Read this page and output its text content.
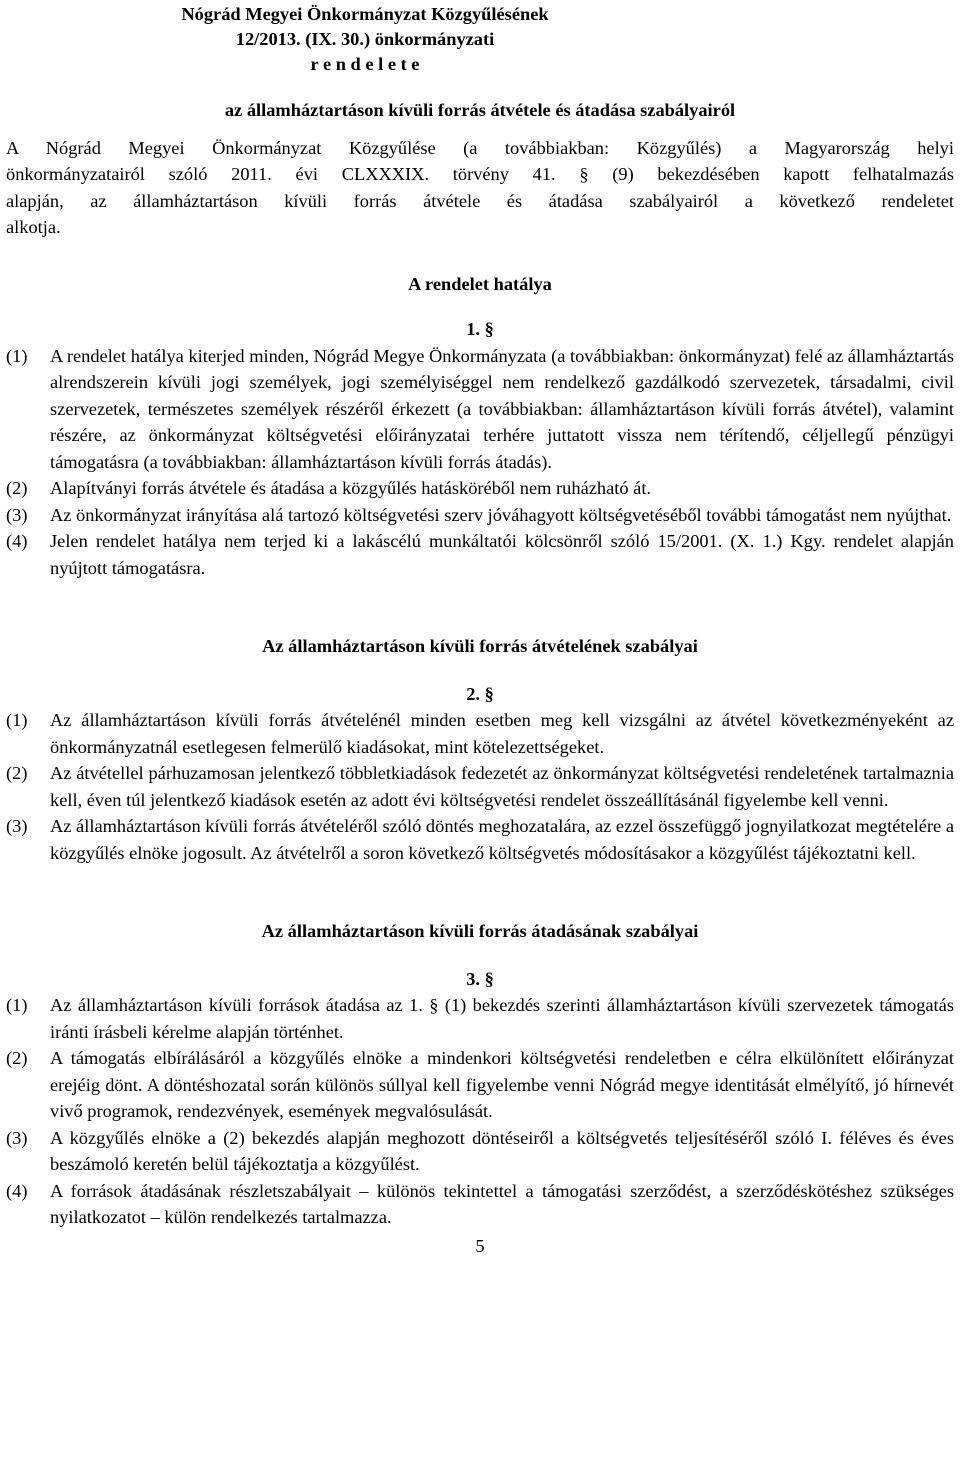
Nógrád Megyei Önkormányzat Közgyűlésének
12/2013. (IX. 30.) önkormányzati
r e n d e l e t e
az államháztartáson kívüli forrás átvétele és átadása szabályairól
A Nógrád Megyei Önkormányzat Közgyűlése (a továbbiakban: Közgyűlés) a Magyarország helyi
önkormányzatairól szóló 2011. évi CLXXXIX. törvény 41. § (9) bekezdésében kapott felhatalmazás
alapján, az államháztartáson kívüli forrás átvétele és átadása szabályairól a következő rendeletet
alkotja.
A rendelet hatálya
1. §
(1) A rendelet hatálya kiterjed minden, Nógrád Megye Önkormányzata (a továbbiakban: önkormányzat) felé az államháztartás alrendszerein kívüli jogi személyek, jogi személyiséggel nem rendelkező gazdálkodó szervezetek, társadalmi, civil szervezetek, természetes személyek részéről érkezett (a továbbiakban: államháztartáson kívüli forrás átvétel), valamint részére, az önkormányzat költségvetési előirányzatai terhére juttatott vissza nem térítendő, céljellegű pénzügyi támogatásra (a továbbiakban: államháztartáson kívüli forrás átadás).
(2) Alapítványi forrás átvétele és átadása a közgyűlés hatásköréből nem ruházható át.
(3) Az önkormányzat irányítása alá tartozó költségvetési szerv jóváhagyott költségvetéséből további támogatást nem nyújthat.
(4) Jelen rendelet hatálya nem terjed ki a lakáscélú munkáltatói kölcsönről szóló 15/2001. (X. 1.) Kgy. rendelet alapján nyújtott támogatásra.
Az államháztartáson kívüli forrás átvételének szabályai
2. §
(1) Az államháztartáson kívüli forrás átvételénél minden esetben meg kell vizsgálni az átvétel következményeként az önkormányzatnál esetlegesen felmerülő kiadásokat, mint kötelezettségeket.
(2) Az átvétellel párhuzamosan jelentkező többletkiadások fedezetét az önkormányzat költségvetési rendeletének tartalmaznia kell, éven túl jelentkező kiadások esetén az adott évi költségvetési rendelet összeállításánál figyelembe kell venni.
(3) Az államháztartáson kívüli forrás átvételéről szóló döntés meghozatalára, az ezzel összefüggő jognyilatkozat megtételére a közgyűlés elnöke jogosult. Az átvételről a soron következő költségvetés módosításakor a közgyűlést tájékoztatni kell.
Az államháztartáson kívüli forrás átadásának szabályai
3. §
(1) Az államháztartáson kívüli források átadása az 1. § (1) bekezdés szerinti államháztartáson kívüli szervezetek támogatás iránti írásbeli kérelme alapján történhet.
(2) A támogatás elbírálásáról a közgyűlés elnöke a mindenkori költségvetési rendeletben e célra elkülönített előirányzat erejéig dönt. A döntéshozatal során különös súllyal kell figyelembe venni Nógrád megye identitását elmélyítő, jó hírnevét vivő programok, rendezvények, események megvalósulását.
(3) A közgyűlés elnöke a (2) bekezdés alapján meghozott döntéseiről a költségvetés teljesítéséről szóló I. féléves és éves beszámoló keretén belül tájékoztatja a közgyűlést.
(4) A források átadásának részletszabályait – különös tekintettel a támogatási szerződést, a szerződéskötéshez szükséges nyilatkozatot – külön rendelkezés tartalmazza.
5
